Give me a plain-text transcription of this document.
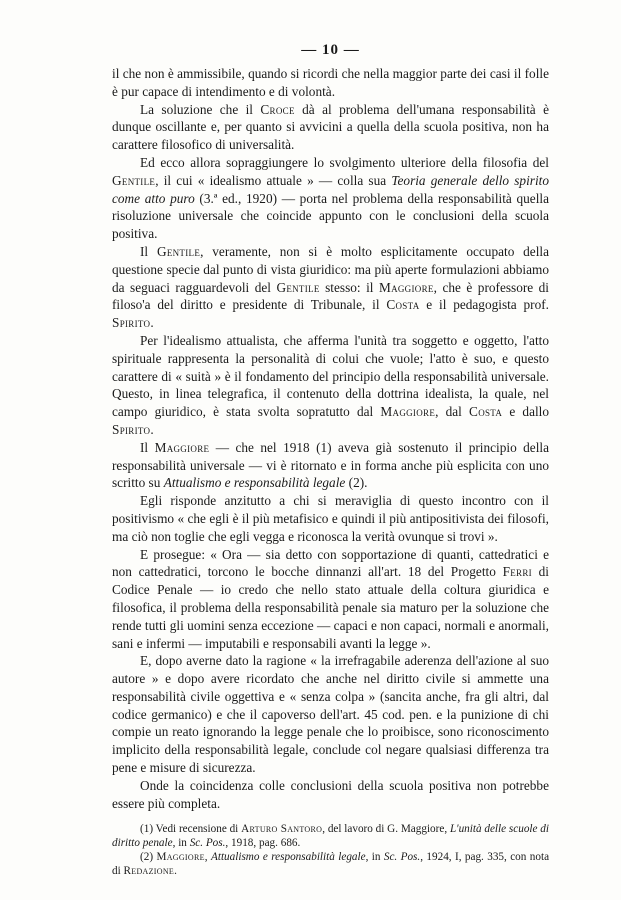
— 10 —

il che non è ammissibile, quando si ricordi che nella maggior parte dei casi il folle è pur capace di intendimento e di volontà.

La soluzione che il Croce dà al problema dell'umana responsabilità è dunque oscillante e, per quanto si avvicini a quella della scuola positiva, non ha carattere filosofico di universalità.

Ed ecco allora sopraggiungere lo svolgimento ulteriore della filosofia del Gentile, il cui « idealismo attuale » — colla sua Teoria generale dello spirito come atto puro (3.ª ed., 1920) — porta nel problema della responsabilità quella risoluzione universale che coincide appunto con le conclusioni della scuola positiva.

Il Gentile, veramente, non si è molto esplicitamente occupato della questione specie dal punto di vista giuridico: ma più aperte formulazioni abbiamo da seguaci ragguardevoli del Gentile stesso: il Maggiore, che è professore di filoso'a del diritto e presidente di Tribunale, il Costa e il pedagogista prof. Spirito.

Per l'idealismo attualista, che afferma l'unità tra soggetto e oggetto, l'atto spirituale rappresenta la personalità di colui che vuole; l'atto è suo, e questo carattere di « suità » è il fondamento del principio della responsabilità universale. Questo, in linea telegrafica, il contenuto della dottrina idealista, la quale, nel campo giuridico, è stata svolta sopratutto dal Maggiore, dal Costa e dallo Spirito.

Il Maggiore — che nel 1918 (1) aveva già sostenuto il principio della responsabilità universale — vi è ritornato e in forma anche più esplicita con uno scritto su Attualismo e responsabilità legale (2).

Egli risponde anzitutto a chi si meraviglia di questo incontro con il positivismo « che egli è il più metafisico e quindi il più antipositivista dei filosofi, ma ciò non toglie che egli vegga e riconosca la verità ovunque si trovi ».

E prosegue: « Ora — sia detto con sopportazione di quanti, cattedratici e non cattedratici, torcono le bocche dinnanzi all'art. 18 del Progetto Ferri di Codice Penale — io credo che nello stato attuale della coltura giuridica e filosofica, il problema della responsabilità penale sia maturo per la soluzione che rende tutti gli uomini senza eccezione — capaci e non capaci, normali e anormali, sani e infermi — imputabili e responsabili avanti la legge ».

E, dopo averne dato la ragione « la irrefragabile aderenza dell'azione al suo autore » e dopo avere ricordato che anche nel diritto civile si ammette una responsabilità civile oggettiva e « senza colpa » (sancita anche, fra gli altri, dal codice germanico) e che il capoverso dell'art. 45 cod. pen. e la punizione di chi compie un reato ignorando la legge penale che lo proibisce, sono riconoscimento implicito della responsabilità legale, conclude col negare qualsiasi differenza tra pene e misure di sicurezza.

Onde la coincidenza colle conclusioni della scuola positiva non potrebbe essere più completa.

(1) Vedi recensione di Arturo Santoro, del lavoro di G. Maggiore, L'unità delle scuole di diritto penale, in Sc. Pos., 1918, pag. 686.

(2) Maggiore, Attualismo e responsabilità legale, in Sc. Pos., 1924, I, pag. 335, con nota di Redazione.
